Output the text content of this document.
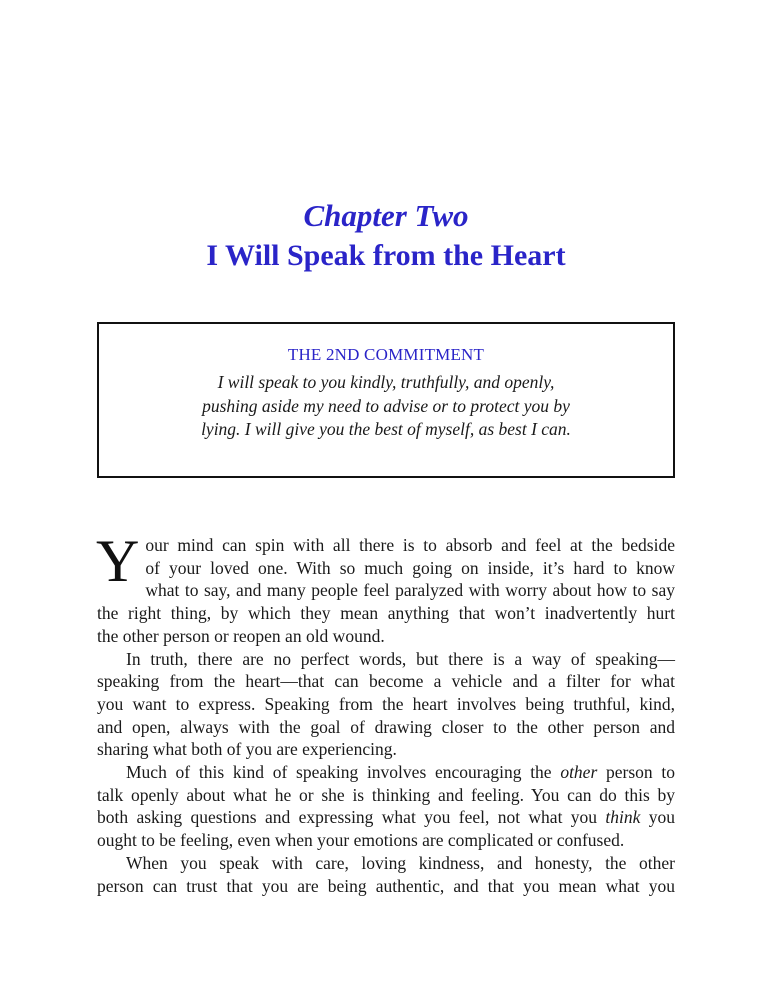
Chapter Two
I Will Speak from the Heart
THE 2ND COMMITMENT
I will speak to you kindly, truthfully, and openly,
pushing aside my need to advise or to protect you by
lying. I will give you the best of myself, as best I can.
Y our mind can spin with all there is to absorb and feel at the bedside
of your loved one. With so much going on inside, it’s hard to know
what to say, and many people feel paralyzed with worry about how to say
the right thing, by which they mean anything that won’t inadvertently hurt
the other person or reopen an old wound.
In truth, there are no perfect words, but there is a way of speaking—
speaking from the heart—that can become a vehicle and a filter for what
you want to express. Speaking from the heart involves being truthful, kind,
and open, always with the goal of drawing closer to the other person and
sharing what both of you are experiencing.
Much of this kind of speaking involves encouraging the other person to
talk openly about what he or she is thinking and feeling. You can do this by
both asking questions and expressing what you feel, not what you think you
ought to be feeling, even when your emotions are complicated or confused.
When you speak with care, loving kindness, and honesty, the other
person can trust that you are being authentic, and that you mean what you
